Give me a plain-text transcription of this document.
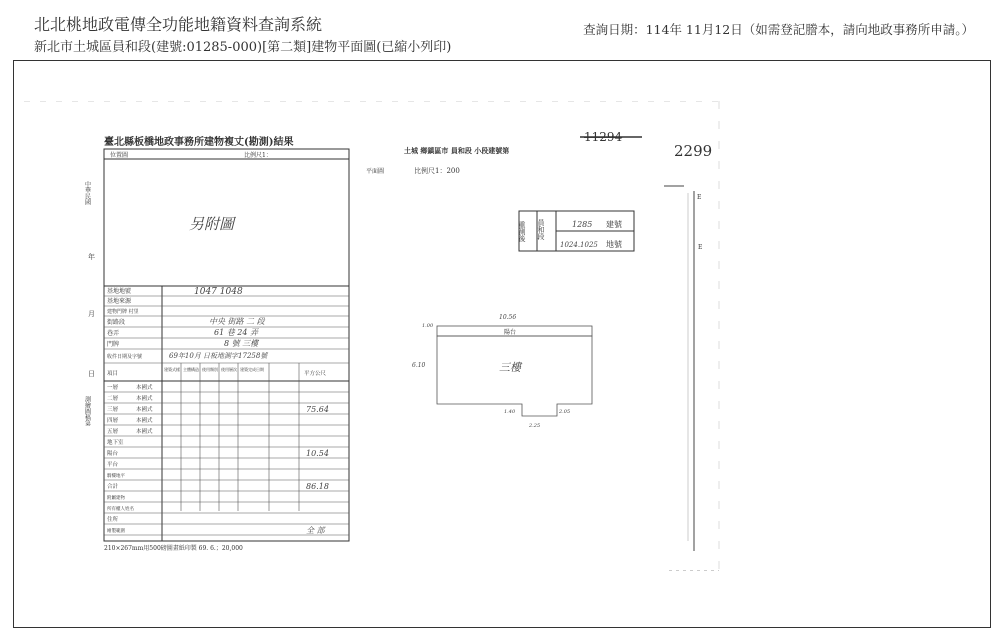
北北桃地政電傳全功能地籍資料查詢系統
新北市土城區員和段(建號:01285-000)[第二類]建物平面圖(已縮小列印)
查詢日期：114年 11月12日（如需登記謄本，請向地政事務所申請。）
臺北縣板橋地政事務所建物複丈(勘測)結果
位置圖	比例尺1：
另附圖
中華民國
年
月
日
測繪圖稿第
基地地號	1047 1048
基地來源
建物門牌 村里
街路段	中央 街路 二 段
巷弄	61 巷 24 弄
門牌	8 號 三樓
收件日期及字號	69年10月 日板地測字17258號
項目
建築式樣 主體構造 使用類別 使用層次 建築完成日期
平方公尺
一層	本國式
二層	本國式
三層	本國式	75.64
四層	本國式
五層	本國式
地下室
陽台	10.54
平台
騎樓地平
合計	86.18
附屬建物
所有權人姓名
住所
繪製範圍	全 部
210×267mm用500磅圖畫紙印製 69. 6.；20,000
土城 鄉鎮區市 員和段 小段建號第
11294
2299
平面圖	比例尺1：200
重測後 員和段	1285 建號
1024.1025 地號
陽台
三樓
10.56
6.10
1.00
1.40	2.05
2.25
Ε
E
